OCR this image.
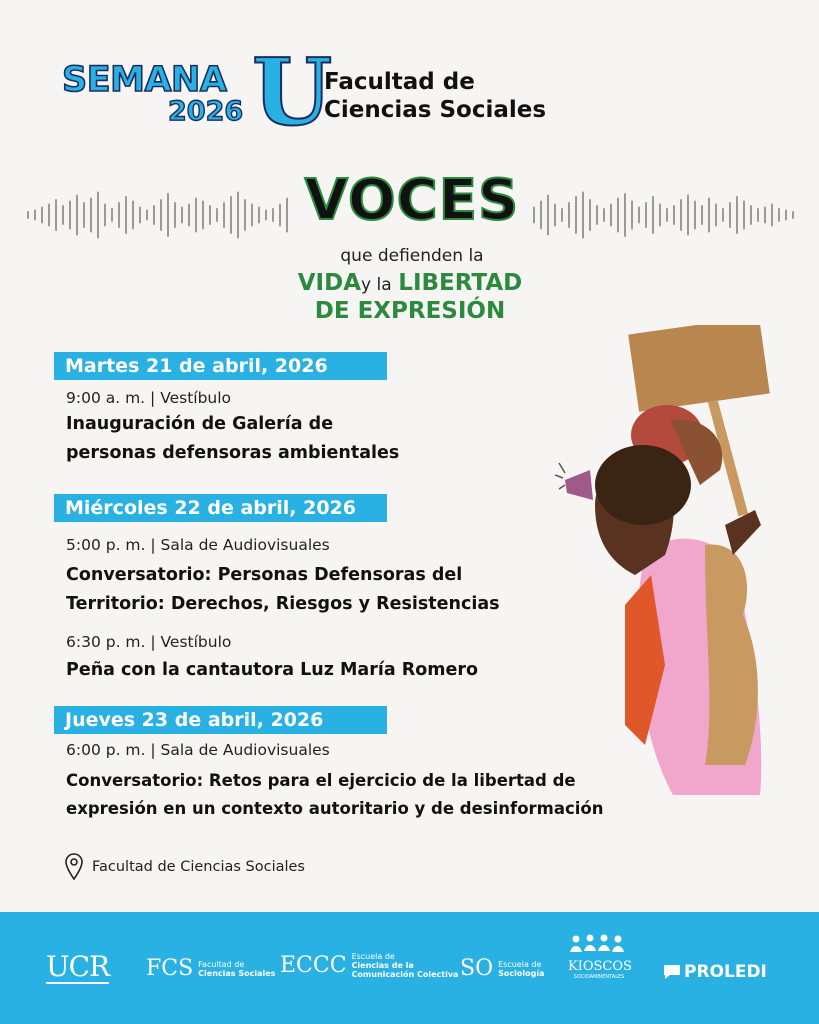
SEMANA
2026 U
Facultad de
Ciencias Sociales
VOCES
que defienden la
VIDAy la LIBERTAD
DE EXPRESIÓN
Martes 21 de abril, 2026
9:00 a. m. | Vestíbulo
Inauguración de Galería de
personas defensoras ambientales
Miércoles 22 de abril, 2026
5:00 p. m. | Sala de Audiovisuales
Conversatorio: Personas Defensoras del
Territorio: Derechos, Riesgos y Resistencias
6:30 p. m. | Vestíbulo
Peña con la cantautora Luz María Romero
Jueves 23 de abril, 2026
6:00 p. m. | Sala de Audiovisuales
Conversatorio: Retos para el ejercicio de la libertad de
expresión en un contexto autoritario y de desinformación
Facultad de Ciencias Sociales
UCR FCS Facultad de
Ciencias Sociales ECCC Escuela de
Ciencias de la
Comunicación Colectiva SO Escuela de
Sociología KIOSCOS
SOCIOAMBIENTALES	PROLEDI
